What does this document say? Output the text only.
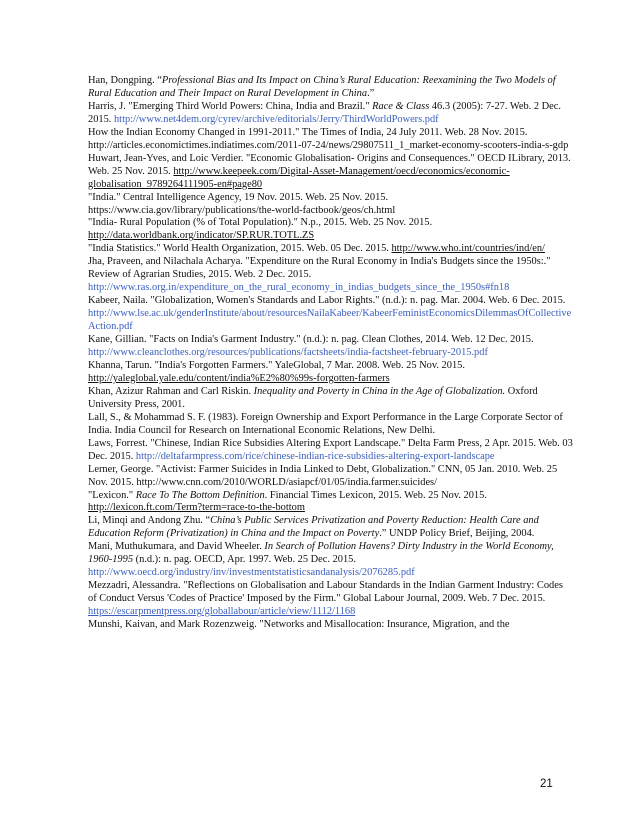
Han, Dongping. “Professional Bias and Its Impact on China’s Rural Education: Reexamining the Two Models of Rural Education and Their Impact on Rural Development in China.”

Harris, J. "Emerging Third World Powers: China, India and Brazil." Race & Class 46.3 (2005): 7-27. Web. 2 Dec. 2015. http://www.net4dem.org/cyrev/archive/editorials/Jerry/ThirdWorldPowers.pdf

How the Indian Economy Changed in 1991-2011." The Times of India, 24 July 2011. Web. 28 Nov. 2015. http://articles.economictimes.indiatimes.com/2011-07-24/news/29807511_1_market-economy-scooters-india-s-gdp

Huwart, Jean-Yves, and Loic Verdier. "Economic Globalisation- Origins and Consequences." OECD ILibrary, 2013. Web. 25 Nov. 2015. http://www.keepeek.com/Digital-Asset-Management/oecd/economics/economic-globalisation_9789264111905-en#page80

"India." Central Intelligence Agency, 19 Nov. 2015. Web. 25 Nov. 2015. https://www.cia.gov/library/publications/the-world-factbook/geos/ch.html

"India- Rural Population (% of Total Population)." N.p., 2015. Web. 25 Nov. 2015. http://data.worldbank.org/indicator/SP.RUR.TOTL.ZS

"India Statistics." World Health Organization, 2015. Web. 05 Dec. 2015. http://www.who.int/countries/ind/en/

Jha, Praveen, and Nilachala Acharya. "Expenditure on the Rural Economy in India's Budgets since the 1950s:." Review of Agrarian Studies, 2015. Web. 2 Dec. 2015. http://www.ras.org.in/expenditure_on_the_rural_economy_in_indias_budgets_since_the_1950s#fn18

Kabeer, Naila. "Globalization, Women's Standards and Labor Rights." (n.d.): n. pag. Mar. 2004. Web. 6 Dec. 2015. http://www.lse.ac.uk/genderInstitute/about/resourcesNailaKabeer/KabeerFeministEconomicsDilemmasOfCollectiveAction.pdf

Kane, Gillian. "Facts on India's Garment Industry." (n.d.): n. pag. Clean Clothes, 2014. Web. 12 Dec. 2015. http://www.cleanclothes.org/resources/publications/factsheets/india-factsheet-february-2015.pdf

Khanna, Tarun. "India's Forgotten Farmers." YaleGlobal, 7 Mar. 2008. Web. 25 Nov. 2015. http://yaleglobal.yale.edu/content/india%E2%80%99s-forgotten-farmers

Khan, Azizur Rahman and Carl Riskin. Inequality and Poverty in China in the Age of Globalization. Oxford University Press, 2001.

Lall, S., & Mohammad S. F. (1983). Foreign Ownership and Export Performance in the Large Corporate Sector of India. India Council for Research on International Economic Relations, New Delhi.

Laws, Forrest. "Chinese, Indian Rice Subsidies Altering Export Landscape." Delta Farm Press, 2 Apr. 2015. Web. 03 Dec. 2015. http://deltafarmpress.com/rice/chinese-indian-rice-subsidies-altering-export-landscape

Lerner, George. "Activist: Farmer Suicides in India Linked to Debt, Globalization." CNN, 05 Jan. 2010. Web. 25 Nov. 2015. http://www.cnn.com/2010/WORLD/asiapcf/01/05/india.farmer.suicides/

"Lexicon." Race To The Bottom Definition. Financial Times Lexicon, 2015. Web. 25 Nov. 2015. http://lexicon.ft.com/Term?term=race-to-the-bottom

Li, Minqi and Andong Zhu. “China’s Public Services Privatization and Poverty Reduction: Health Care and Education Reform (Privatization) in China and the Impact on Poverty.” UNDP Policy Brief, Beijing, 2004.

Mani, Muthukumara, and David Wheeler. In Search of Pollution Havens? Dirty Industry in the World Economy, 1960-1995 (n.d.): n. pag. OECD, Apr. 1997. Web. 25 Dec. 2015. http://www.oecd.org/industry/inv/investmentstatisticsandanalysis/2076285.pdf

Mezzadri, Alessandra. "Reflections on Globalisation and Labour Standards in the Indian Garment Industry: Codes of Conduct Versus 'Codes of Practice' Imposed by the Firm." Global Labour Journal, 2009. Web. 7 Dec. 2015. https://escarpmentpress.org/globallabour/article/view/1112/1168

Munshi, Kaivan, and Mark Rozenzweig. "Networks and Misallocation: Insurance, Migration, and the

21
